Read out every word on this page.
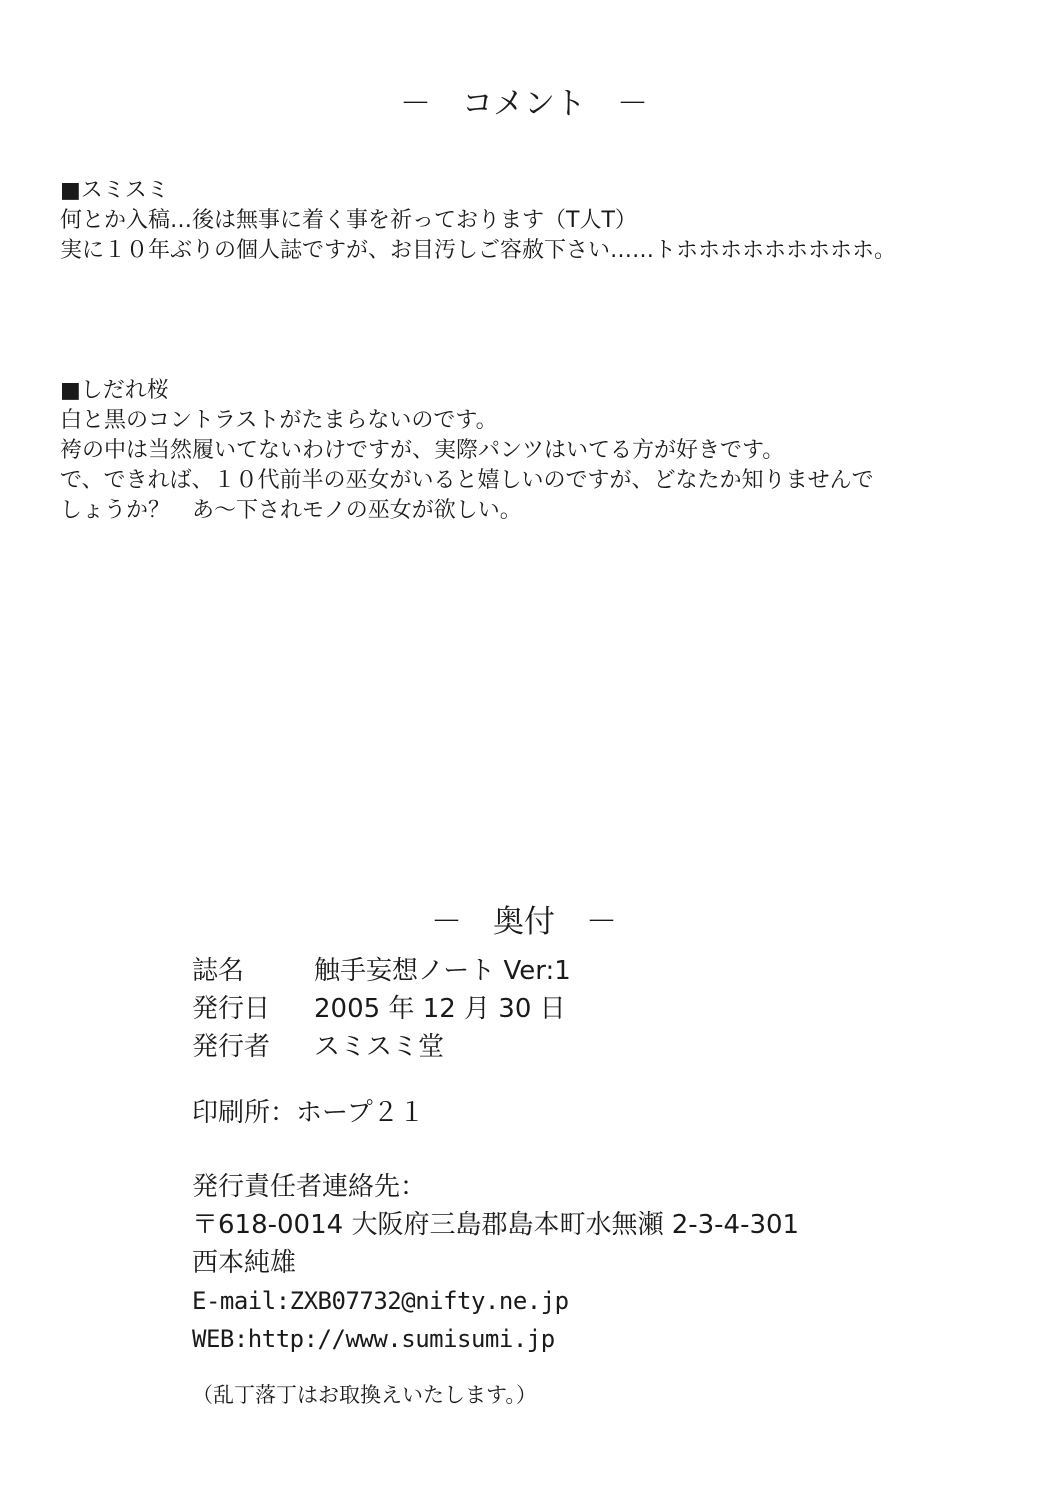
－　コメント　－
■スミスミ
何とか入稿…後は無事に着く事を祈っております（T人T）
実に１０年ぶりの個人誌ですが、お目汚しご容赦下さい……トホホホホホホホホホ。
■しだれ桜
白と黒のコントラストがたまらないのです。
袴の中は当然履いてないわけですが、実際パンツはいてる方が好きです。
で、できれば、１０代前半の巫女がいると嬉しいのですが、どなたか知りませんで
しょうか？　あ～下されモノの巫女が欲しい。
－　奥付　－
誌名	触手妄想ノート Ver:1
発行日 2005 年 12 月 30 日
発行者 スミスミ堂
印刷所：ホープ２１
発行責任者連絡先：
〒618-0014 大阪府三島郡島本町水無瀬 2-3-4-301
西本純雄
E-mail:ZXB07732@nifty.ne.jp
WEB:http://www.sumisumi.jp
（乱丁落丁はお取換えいたします。）
